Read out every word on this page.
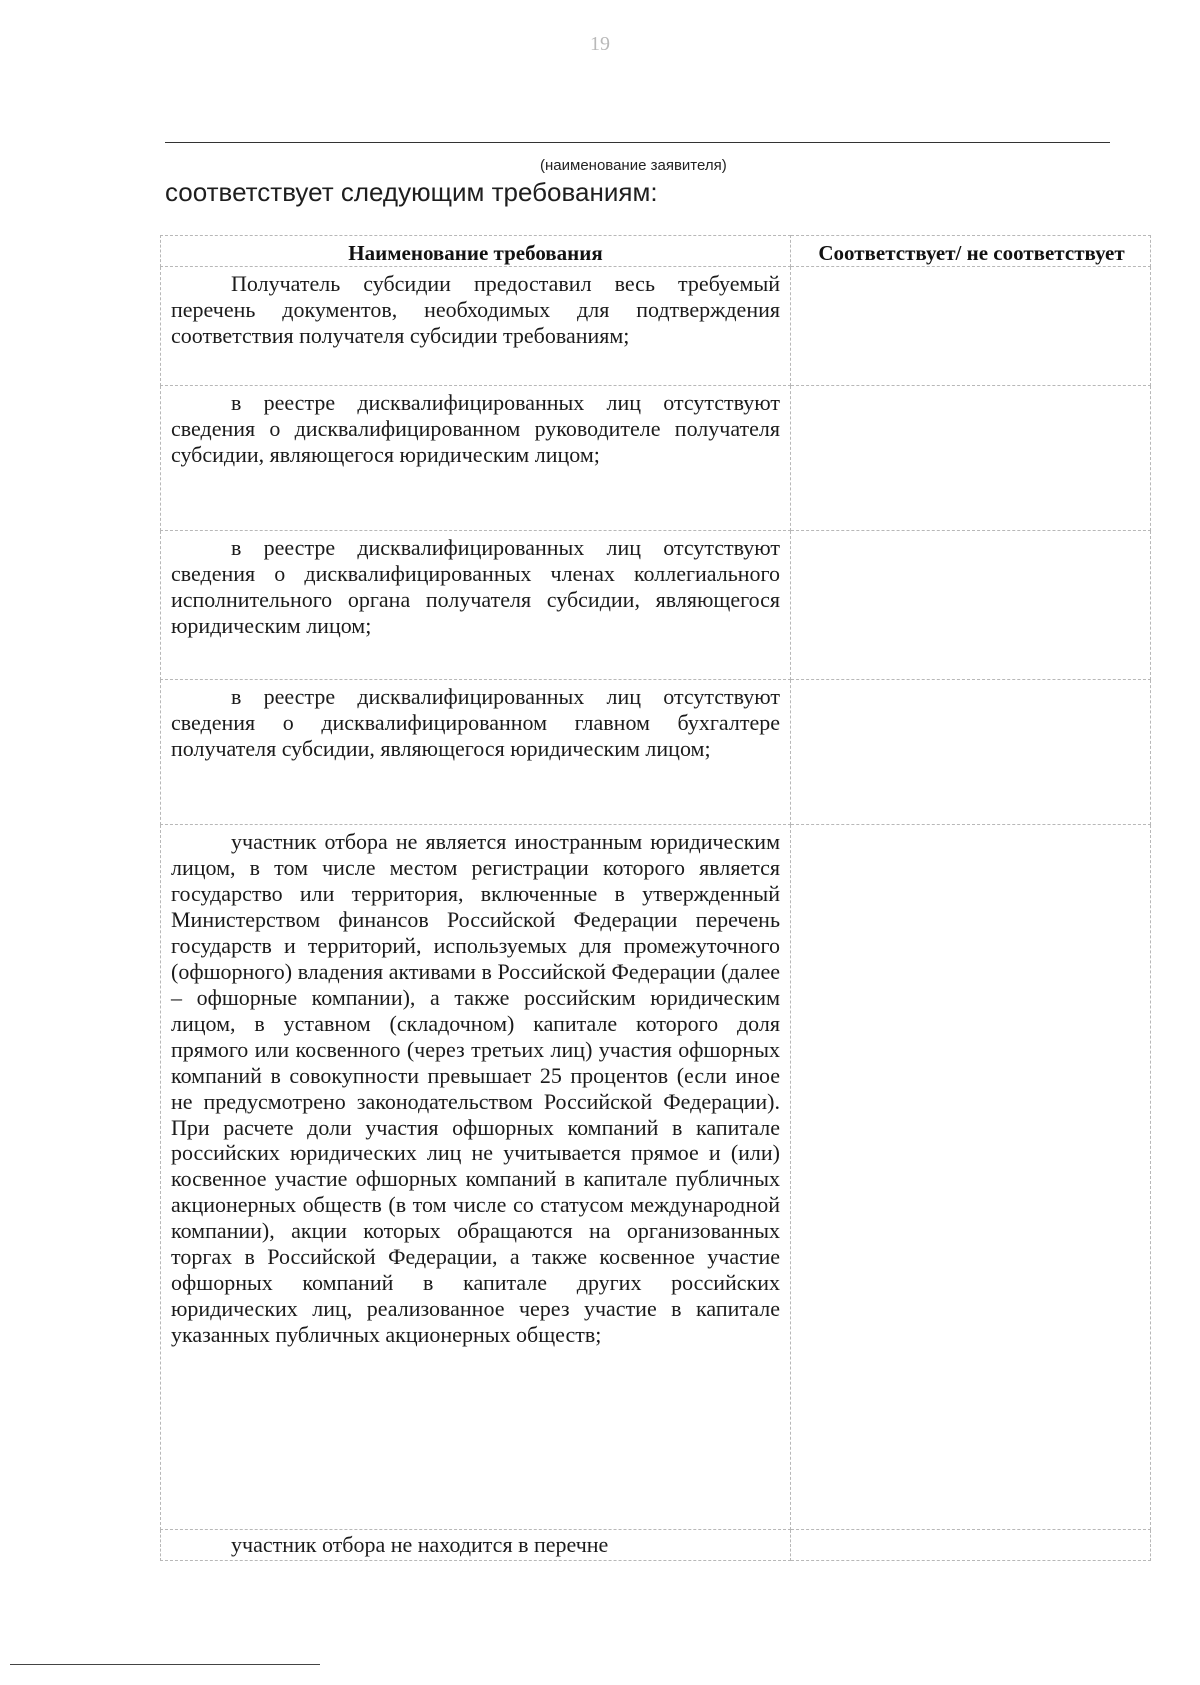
19
(наименование заявителя)
соответствует следующим требованиям:
Наименование требования	Соответствует/ не соответствует

Получатель субсидии предоставил весь требуемый перечень документов, необходимых для подтверждения соответствия получателя субсидии требованиям;	

в реестре дисквалифицированных лиц отсутствуют сведения о дисквалифицированном руководителе получателя субсидии, являющегося юридическим лицом;	

в реестре дисквалифицированных лиц отсутствуют сведения о дисквалифицированных членах коллегиального исполнительного органа получателя субсидии, являющегося юридическим лицом;	

в реестре дисквалифицированных лиц отсутствуют сведения о дисквалифицированном главном бухгалтере получателя субсидии, являющегося юридическим лицом;	

участник отбора не является иностранным юридическим лицом, в том числе местом регистрации которого является государство или территория, включенные в утвержденный Министерством финансов Российской Федерации перечень государств и территорий, используемых для промежуточного (офшорного) владения активами в Российской Федерации (далее – офшорные компании), а также российским юридическим лицом, в уставном (складочном) капитале которого доля прямого или косвенного (через третьих лиц) участия офшорных компаний в совокупности превышает 25 процентов (если иное не предусмотрено законодательством Российской Федерации). При расчете доли участия офшорных компаний в капитале российских юридических лиц не учитывается прямое и (или) косвенное участие офшорных компаний в капитале публичных акционерных обществ (в том числе со статусом международной компании), акции которых обращаются на организованных торгах в Российской Федерации, а также косвенное участие офшорных компаний в капитале других российских юридических лиц, реализованное через участие в капитале указанных публичных акционерных обществ;	

участник отбора не находится в перечне	
